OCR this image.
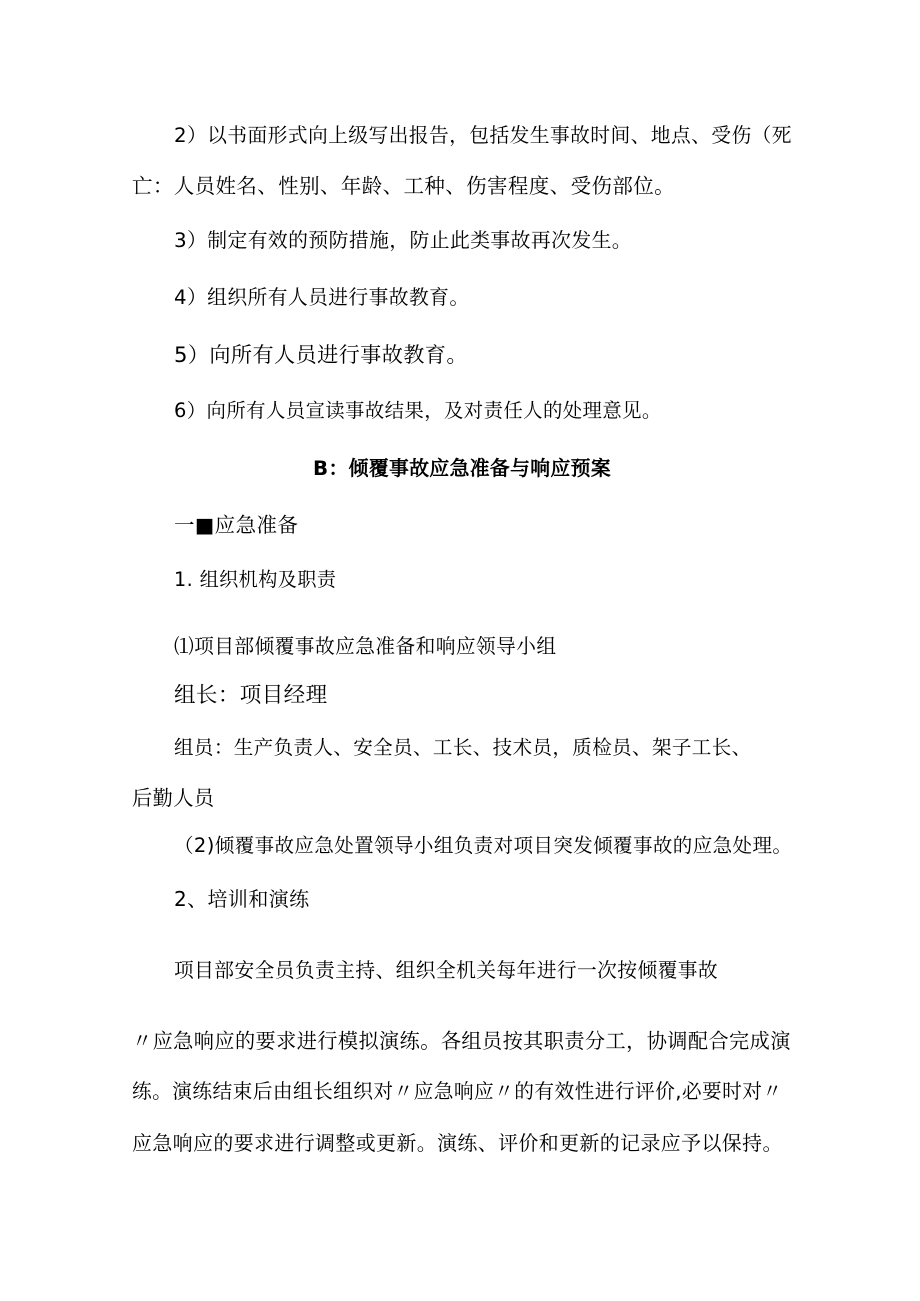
2）以书面形式向上级写出报告，包括发生事故时间、地点、受伤（死
亡：人员姓名、性别、年龄、工种、伤害程度、受伤部位。
3）制定有效的预防措施，防止此类事故再次发生。
4）组织所有人员进行事故教育。
5）向所有人员进行事故教育。
6）向所有人员宣读事故结果，及对责任人的处理意见。
B：倾覆事故应急准备与响应预案
一■应急准备
1. 组织机构及职责
⑴项目部倾覆事故应急准备和响应领导小组
组长：项目经理
组员：生产负责人、安全员、工长、技术员，质检员、架子工长、
后勤人员
（2)倾覆事故应急处置领导小组负责对项目突发倾覆事故的应急处理。
2、培训和演练
项目部安全员负责主持、组织全机关每年进行一次按倾覆事故
〃应急响应的要求进行模拟演练。各组员按其职责分工，协调配合完成演
练。演练结束后由组长组织对〃应急响应〃的有效性进行评价,必要时对〃
应急响应的要求进行调整或更新。演练、评价和更新的记录应予以保持。
